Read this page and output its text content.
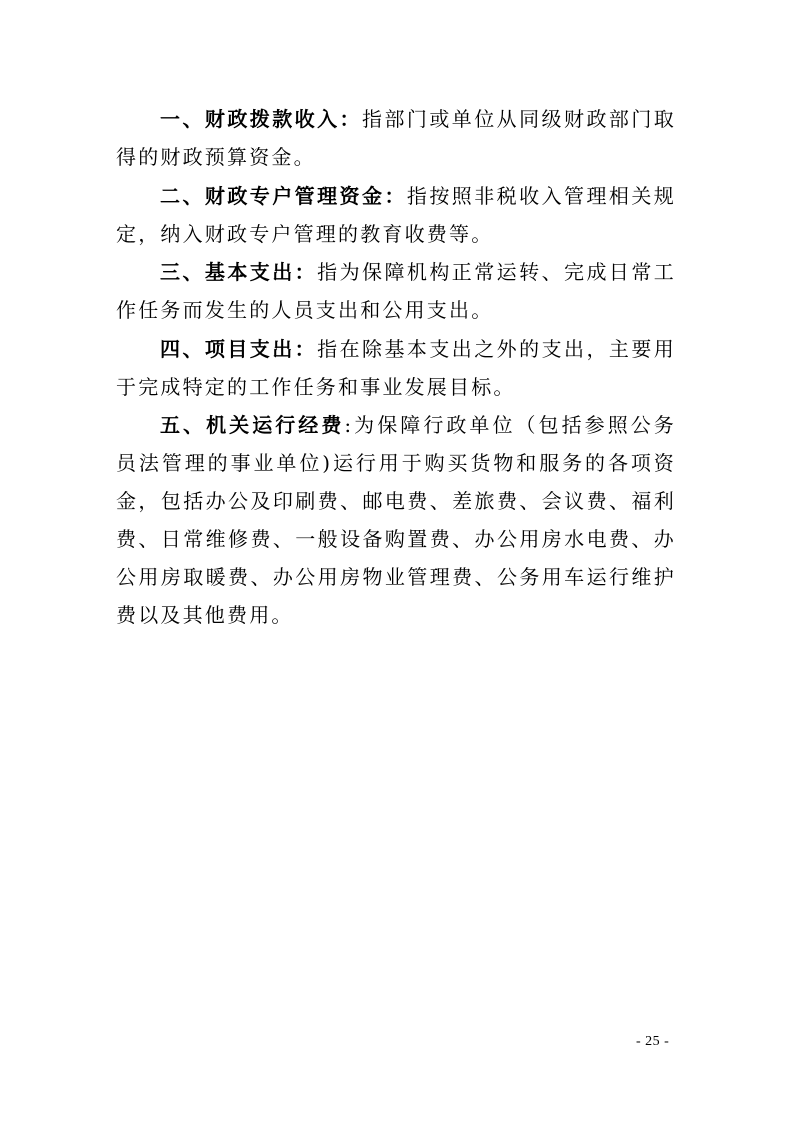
一、财政拨款收入：指部门或单位从同级财政部门取得的财政预算资金。

二、财政专户管理资金：指按照非税收入管理相关规定，纳入财政专户管理的教育收费等。

三、基本支出：指为保障机构正常运转、完成日常工作任务而发生的人员支出和公用支出。

四、项目支出：指在除基本支出之外的支出，主要用于完成特定的工作任务和事业发展目标。

五、机关运行经费:为保障行政单位（包括参照公务员法管理的事业单位)运行用于购买货物和服务的各项资金，包括办公及印刷费、邮电费、差旅费、会议费、福利费、日常维修费、一般设备购置费、办公用房水电费、办公用房取暖费、办公用房物业管理费、公务用车运行维护费以及其他费用。

- 25 -
